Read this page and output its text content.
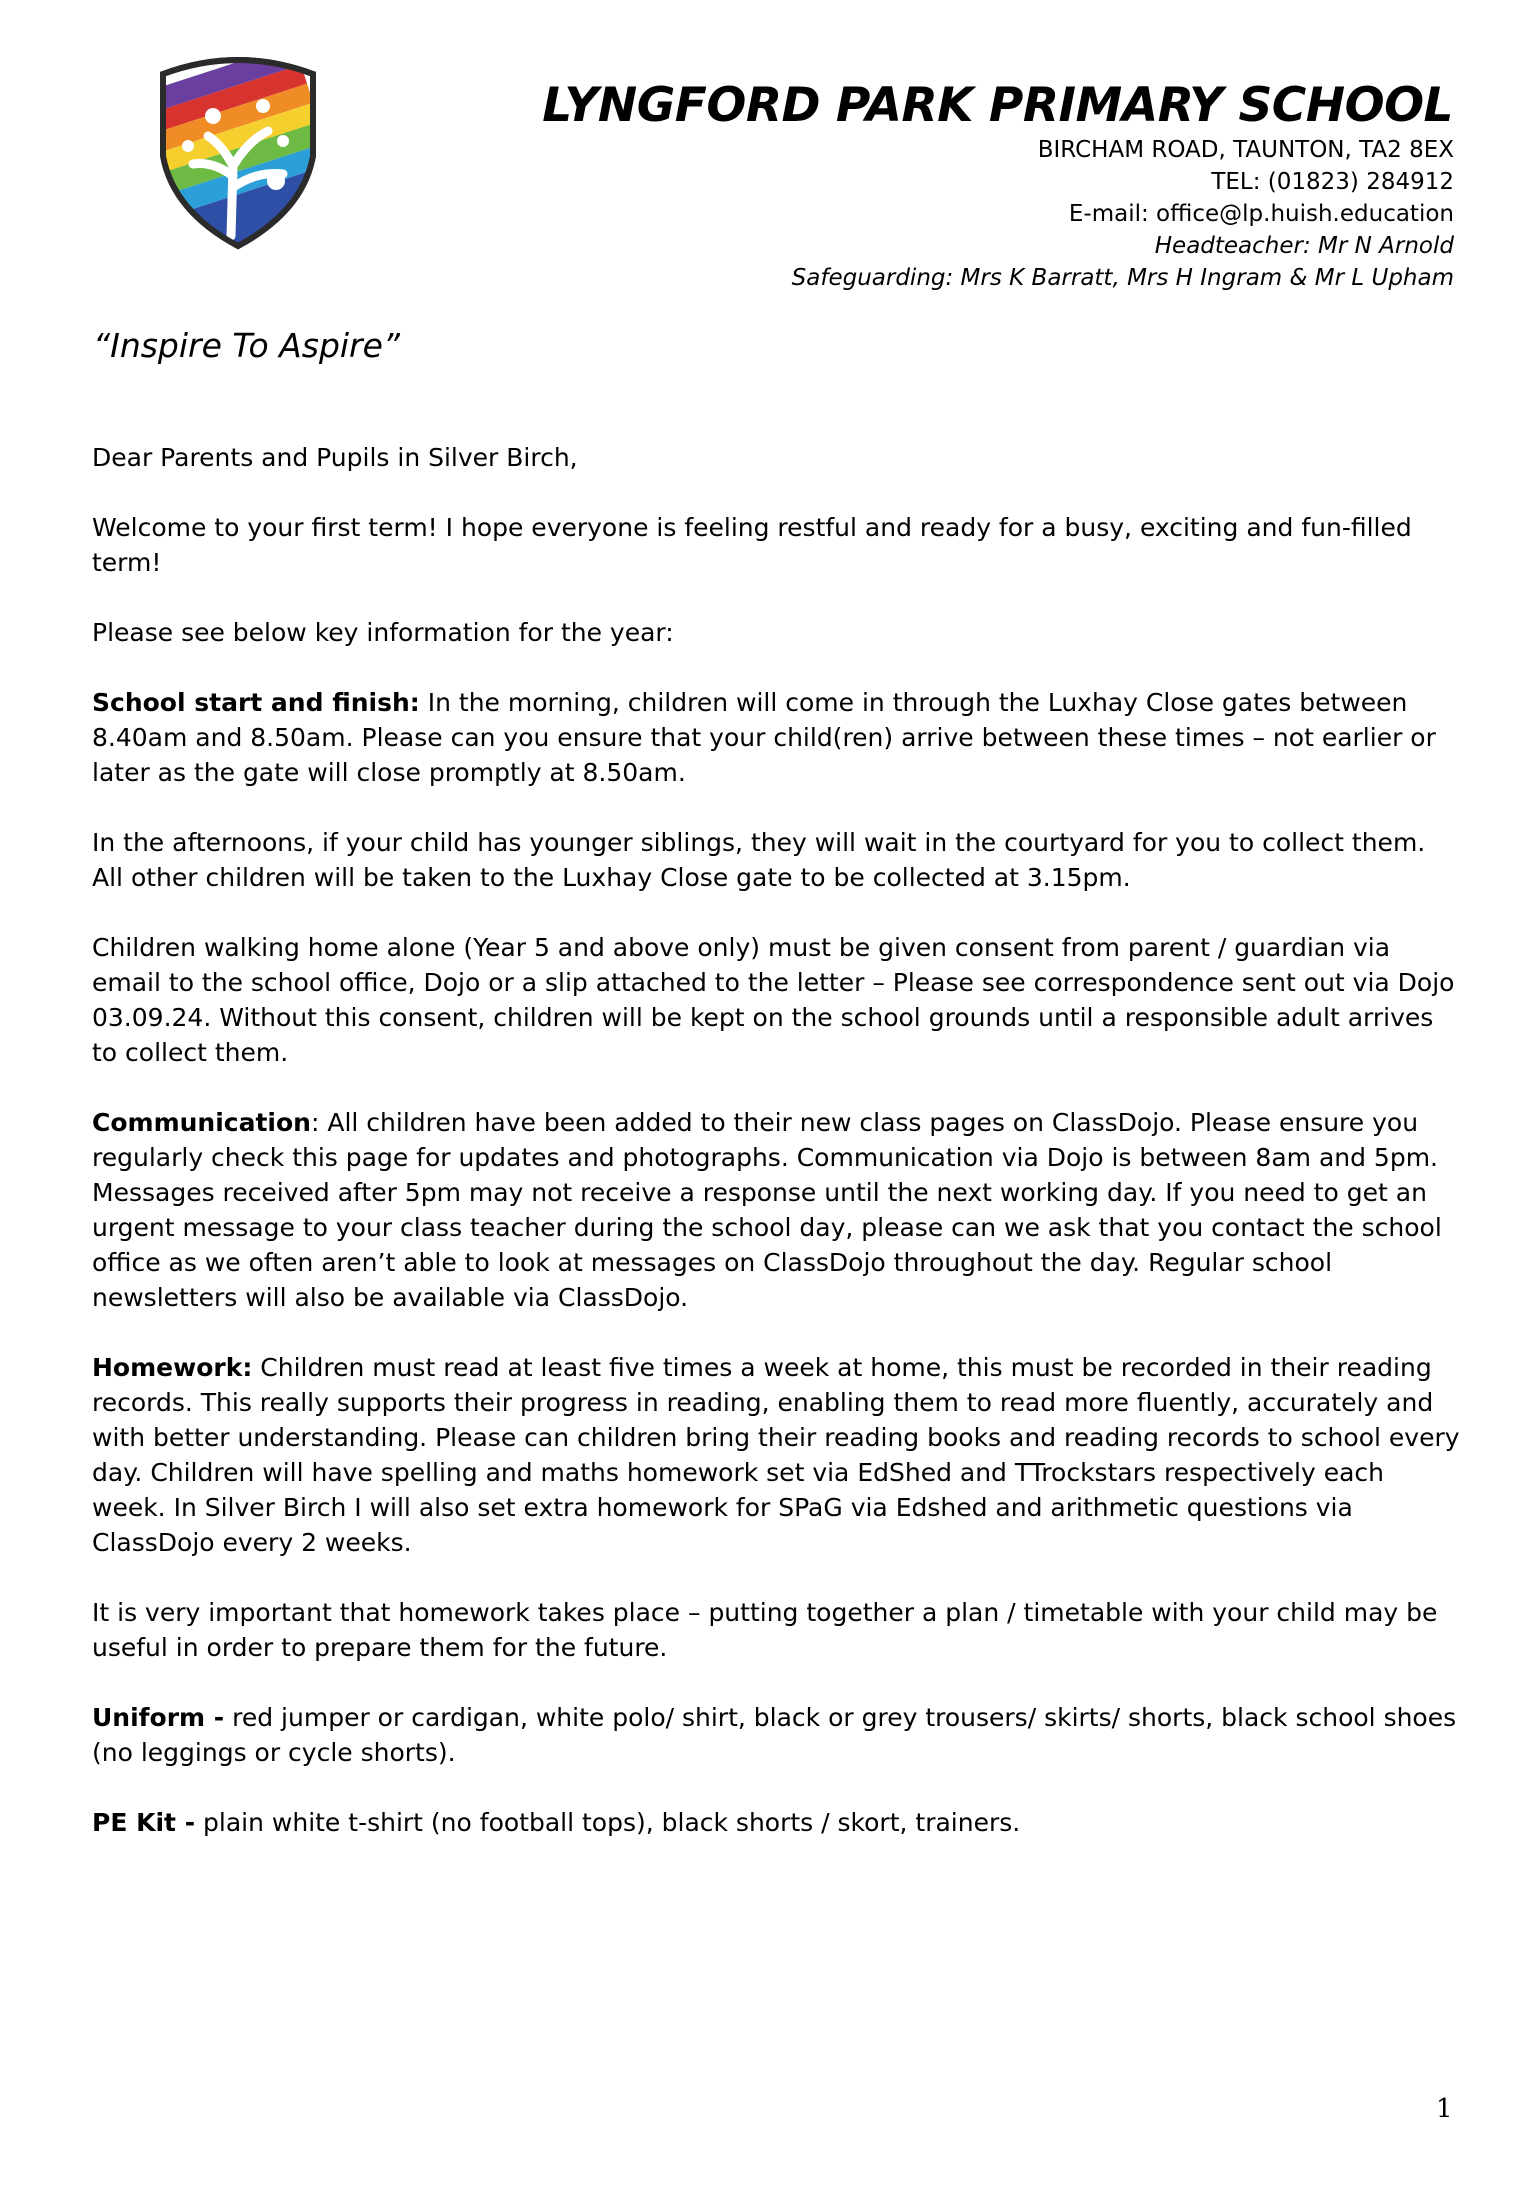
LYNGFORD PARK PRIMARY SCHOOL
BIRCHAM ROAD, TAUNTON, TA2 8EX
TEL: (01823) 284912
E-mail: office@lp.huish.education
Headteacher: Mr N Arnold
Safeguarding: Mrs K Barratt, Mrs H Ingram & Mr L Upham
“Inspire To Aspire”

Dear Parents and Pupils in Silver Birch,

Welcome to your first term! I hope everyone is feeling restful and ready for a busy, exciting and fun-filled term!

Please see below key information for the year:

School start and finish: In the morning, children will come in through the Luxhay Close gates between 8.40am and 8.50am. Please can you ensure that your child(ren) arrive between these times – not earlier or later as the gate will close promptly at 8.50am.

In the afternoons, if your child has younger siblings, they will wait in the courtyard for you to collect them. All other children will be taken to the Luxhay Close gate to be collected at 3.15pm.

Children walking home alone (Year 5 and above only) must be given consent from parent / guardian via email to the school office, Dojo or a slip attached to the letter – Please see correspondence sent out via Dojo 03.09.24. Without this consent, children will be kept on the school grounds until a responsible adult arrives to collect them.

Communication: All children have been added to their new class pages on ClassDojo. Please ensure you regularly check this page for updates and photographs. Communication via Dojo is between 8am and 5pm. Messages received after 5pm may not receive a response until the next working day. If you need to get an urgent message to your class teacher during the school day, please can we ask that you contact the school office as we often aren’t able to look at messages on ClassDojo throughout the day. Regular school newsletters will also be available via ClassDojo.

Homework: Children must read at least five times a week at home, this must be recorded in their reading records. This really supports their progress in reading, enabling them to read more fluently, accurately and with better understanding. Please can children bring their reading books and reading records to school every day. Children will have spelling and maths homework set via EdShed and TTrockstars respectively each week. In Silver Birch I will also set extra homework for SPaG via Edshed and arithmetic questions via ClassDojo every 2 weeks.

It is very important that homework takes place – putting together a plan / timetable with your child may be useful in order to prepare them for the future.

Uniform - red jumper or cardigan, white polo/ shirt, black or grey trousers/ skirts/ shorts, black school shoes (no leggings or cycle shorts).

PE Kit - plain white t-shirt (no football tops), black shorts / skort, trainers.

1
